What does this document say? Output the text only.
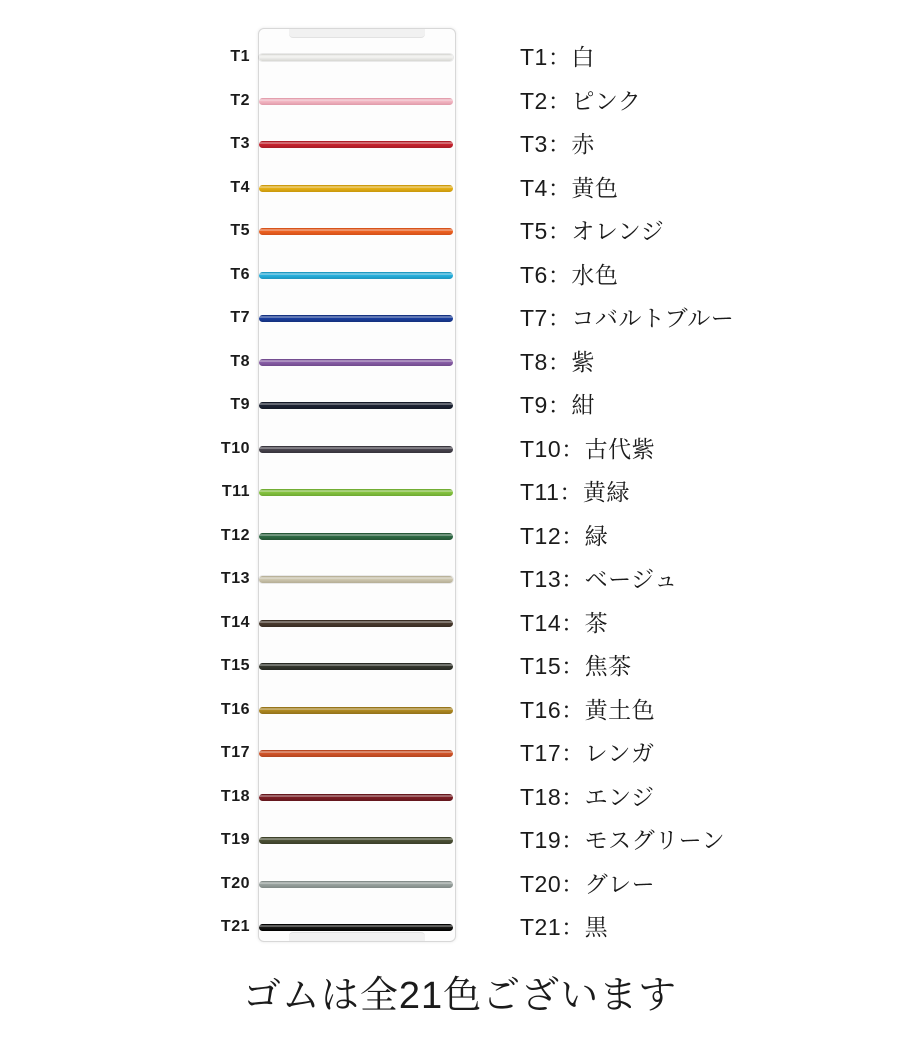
T1	T1：白
T2	T2：ピンク
T3	T3：赤
T4	T4：黄色
T5	T5：オレンジ
T6	T6：水色
T7	T7：コバルトブルー
T8	T8：紫
T9	T9：紺
T10	T10：古代紫
T11	T11：黄緑
T12	T12：緑
T13	T13：ベージュ
T14	T14：茶
T15	T15：焦茶
T16	T16：黄土色
T17	T17：レンガ
T18	T18：エンジ
T19	T19：モスグリーン
T20	T20：グレー
T21	T21：黒
ゴムは全21色ございます
